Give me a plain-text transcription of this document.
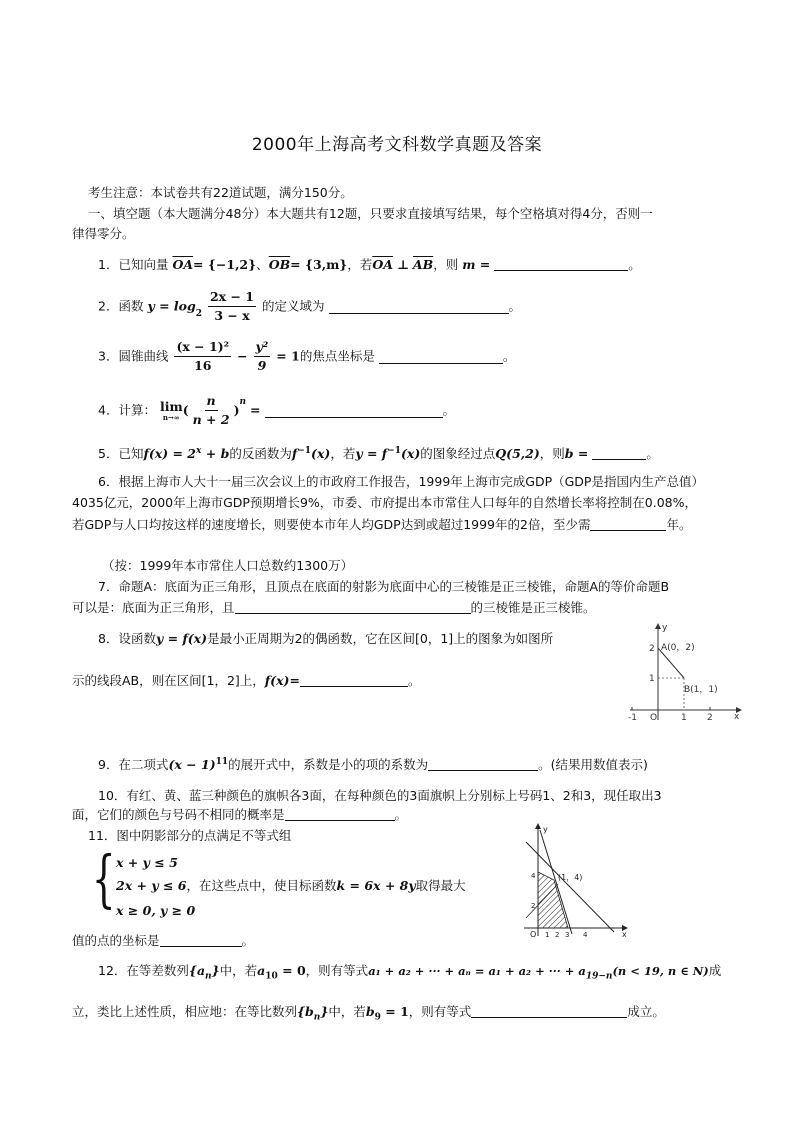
2000年上海高考文科数学真题及答案
考生注意：本试卷共有22道试题，满分150分。
一、填空题（本大题满分48分）本大题共有12题，只要求直接填写结果，每个空格填对得4分，否则一
律得零分。
1．已知向量 $\overline{OA}= \{-1,2\}$、$\overline{OB}= \{3,m\}$，若$\overline{OA}$ ⊥ $\overline{AB}$，则 m =	。
2．函数 $y = \log_2 \frac{2x - 1}{3 - x}$ 的定义域为	。
3．圆锥曲线 $\frac{\text{(x − 1)²}}{16} - \frac{\text{y²}}{9} = 1$的焦点坐标是	。
4．计算： lim
n→∞ ( $\frac{n}{n + 2} )^n$ =	。
5．已知$f(x) = 2^x + b$的反函数为$f^{-1}(x)$，若$y = f^{-1}(x)$的图象经过点Q(5,2)，则b =	。
6．根据上海市人大十一届三次会议上的市政府工作报告，1999年上海市完成GDP（GDP是指国内生产总值）
4035亿元，2000年上海市GDP预期增长9%，市委、市府提出本市常住人口每年的自然增长率将控制在0.08%，
若GDP与人口均按这样的速度增长，则要使本市年人均GDP达到或超过1999年的2倍，至少需	年。
（按：1999年本市常住人口总数约1300万）
7．命题A：底面为正三角形，且顶点在底面的射影为底面中心的三棱锥是正三棱锥，命题A的等价命题B
可以是：底面为正三角形，且	的三棱锥是正三棱锥。
8．设函数y = f(x)是最小正周期为2的偶函数，它在区间[0，1]上的图象为如图所
示的线段AB，则在区间[1，2]上，f(x)=	。
y
x
A(0，2)
B(1，1)
2
1
-1 O	1 2
9．在二项式$(x - 1)^{11}$的展开式中，系数是小的项的系数为	。(结果用数值表示)
10．有红、黄、蓝三种颜色的旗帜各3面，在每种颜色的3面旗帜上分别标上号码1、2和3，现任取出3
面，它们的颜色与号码不相同的概率是	。
11．图中阴影部分的点满足不等式组
{ x + y ≤ 5
2x + y ≤ 6，在这些点中，使目标函数k = 6x + 8y取得最大
x ≥ 0, y ≥ 0
值的点的坐标是	。
y
x
(1，4)
O 1 2 3 4
2
4
12．在等差数列$\{a_n\}$中，若$a_{10} = 0$，则有等式a₁ + a₂ + ··· + aₙ = a₁ + a₂ + ··· + $a_{19-n}(n < 19$, n ∈ N)成
立，类比上述性质，相应地：在等比数列$\{b_n\}$中，若$b_9 = 1$，则有等式	成立。
